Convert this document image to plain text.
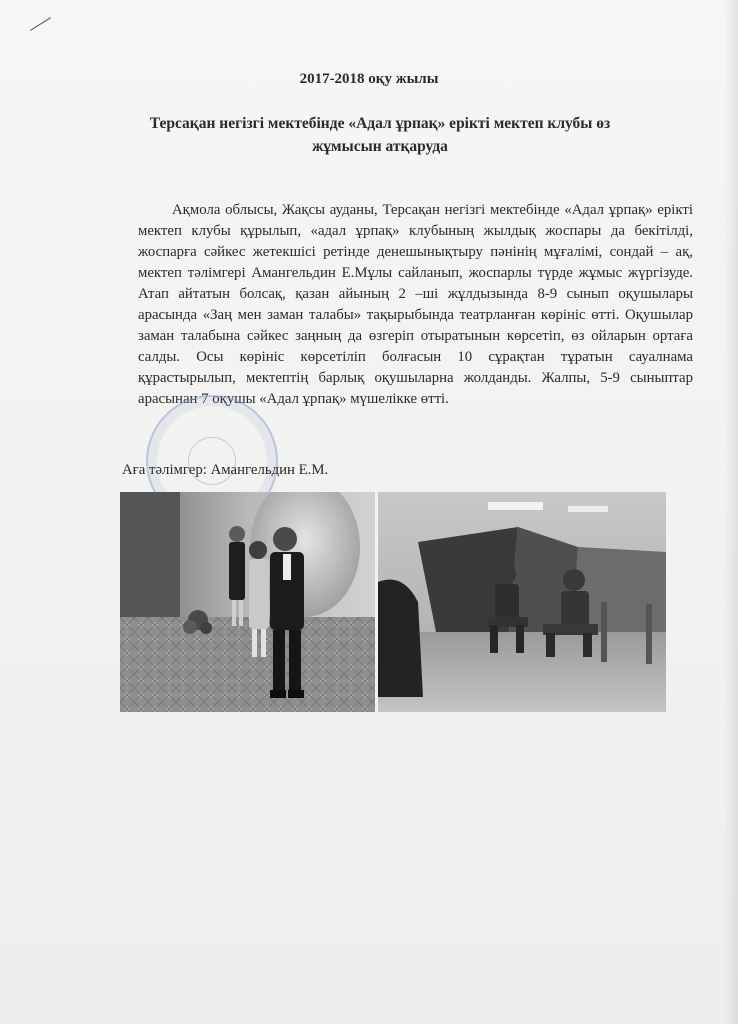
2017-2018 оқу жылы
Терсақан негізгі мектебінде «Адал ұрпақ» ерікті мектеп клубы өз жұмысын атқаруда

Ақмола облысы, Жақсы ауданы, Терсақан негізгі мектебінде «Адал ұрпақ» ерікті мектеп клубы құрылып, «адал ұрпақ» клубының жылдық жоспары да бекітілді, жоспарға сәйкес жетекшісі ретінде денешынықтыру пәнінің мұғалімі, сондай – ақ, мектеп тәлімгері Амангельдин Е.Мұлы сайланып, жоспарлы түрде жұмыс жүргізуде. Атап айтатын болсақ, қазан айының 2 –ші жұлдызында 8-9 сынып оқушылары арасында «Заң мен заман талабы» тақырыбында театрланған көрініс өтті. Оқушылар заман талабына сәйкес заңның да өзгеріп отыратынын көрсетіп, өз ойларын ортаға салды. Осы көрініс көрсетіліп болғасын 10 сұрақтан тұратын сауалнама құрастырылып, мектептің барлық оқушыларна жолданды. Жалпы, 5-9 сыныптар арасынан 7 оқушы «Адал ұрпақ» мүшелікке өтті.

Аға тәлімгер: Амангельдин Е.М.
